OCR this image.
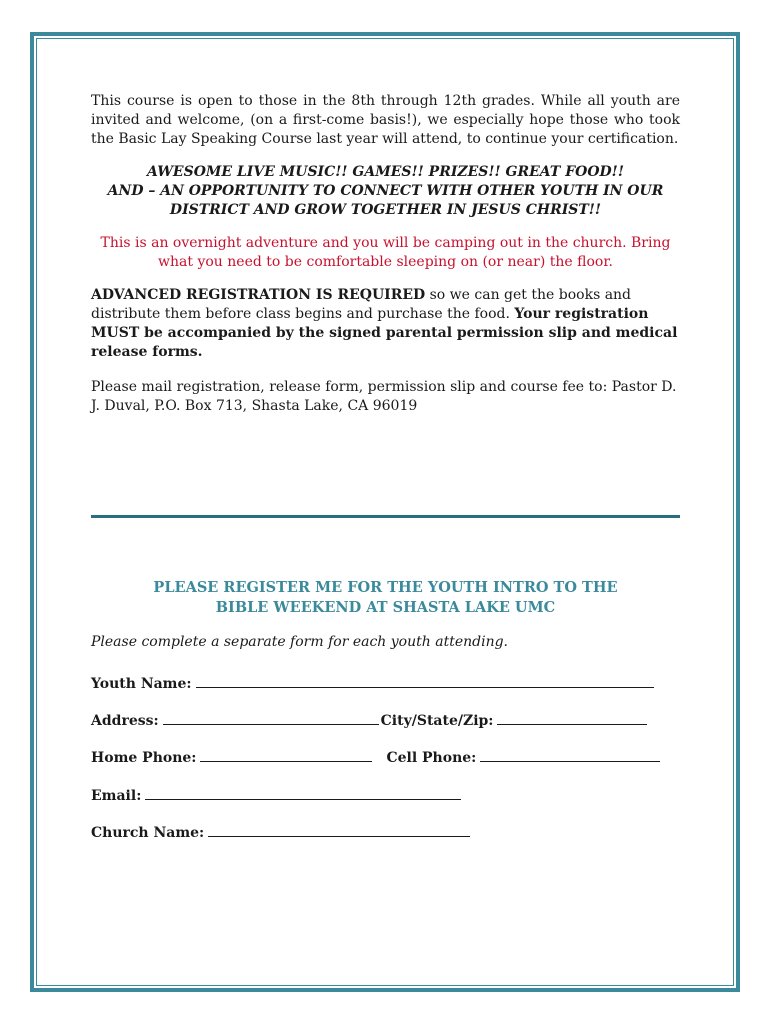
This course is open to those in the 8th through 12th grades. While all youth are invited and welcome, (on a first-come basis!), we especially hope those who took the Basic Lay Speaking Course last year will attend, to continue your certification.

AWESOME LIVE MUSIC!! GAMES!! PRIZES!! GREAT FOOD!!
AND – AN OPPORTUNITY TO CONNECT WITH OTHER YOUTH IN OUR
DISTRICT AND GROW TOGETHER IN JESUS CHRIST!!

This is an overnight adventure and you will be camping out in the church. Bring what you need to be comfortable sleeping on (or near) the floor.

ADVANCED REGISTRATION IS REQUIRED so we can get the books and distribute them before class begins and purchase the food. Your registration MUST be accompanied by the signed parental permission slip and medical release forms.

Please mail registration, release form, permission slip and course fee to: Pastor D. J. Duval, P.O. Box 713, Shasta Lake, CA 96019

PLEASE REGISTER ME FOR THE YOUTH INTRO TO THE
BIBLE WEEKEND AT SHASTA LAKE UMC
Please complete a separate form for each youth attending.
Youth Name:
Address:	City/State/Zip:
Home Phone:	Cell Phone:
Email:
Church Name:
